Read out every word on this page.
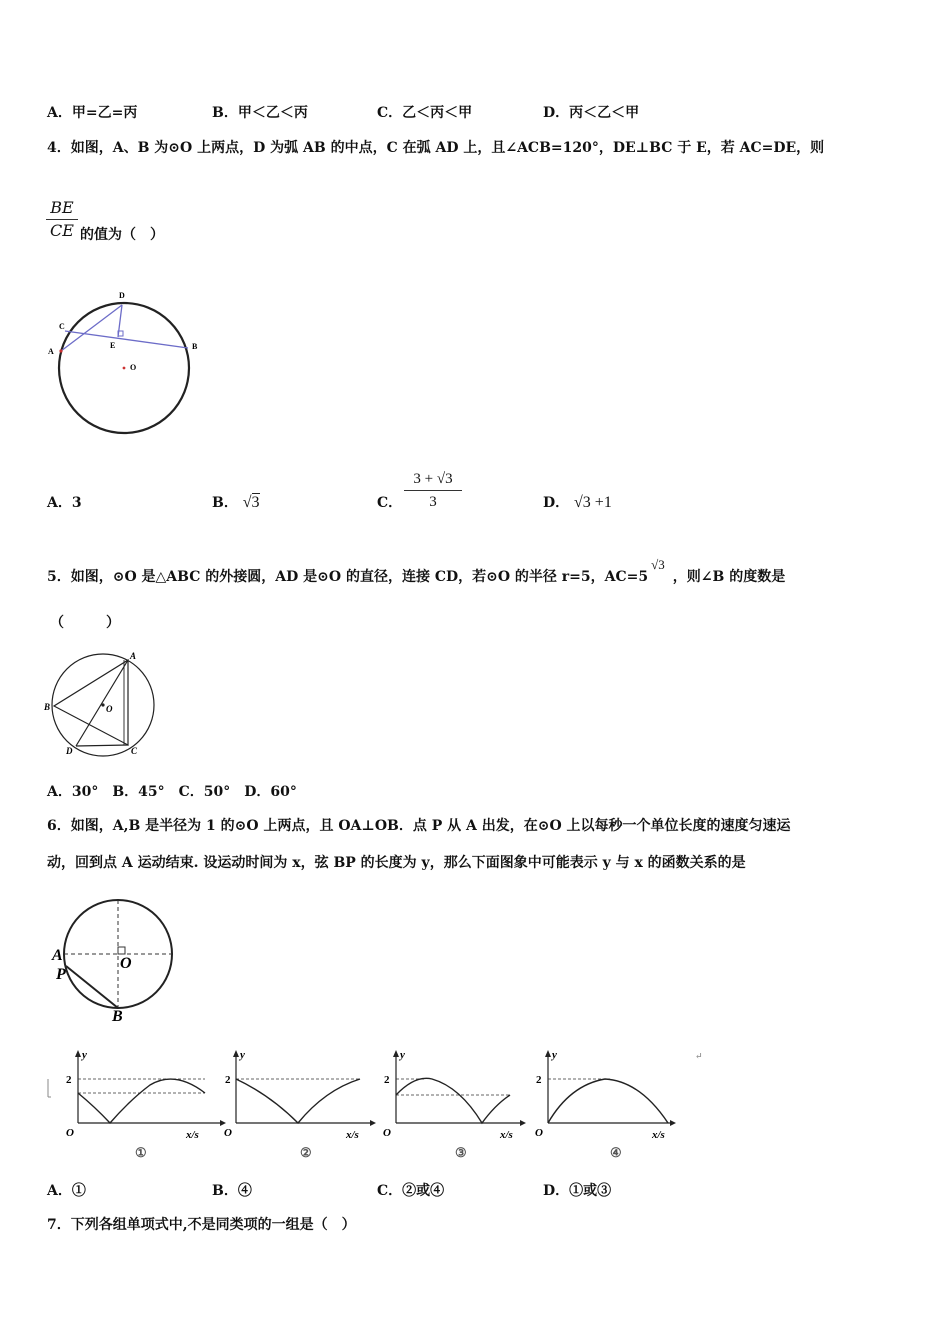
A．甲=乙=丙	B．甲＜乙＜丙	C．乙＜丙＜甲	D．丙＜乙＜甲
4．如图，A、B 为⊙O 上两点，D 为弧 AB 的中点，C 在弧 AD 上，且∠ACB=120°，DE⊥BC 于 E，若 AC=DE，则
BE
CE 的值为（　）
D
C
A
E	B
O
A．3	B． √3	C．
3 + √3
3	D． √3 +1
5．如图，⊙O 是△ABC 的外接圆，AD 是⊙O 的直径，连接 CD，若⊙O 的半径 r=5，AC=5√3，则∠B 的度数是
（　　　）
A
B
C
D
O
A．30°　B．45°　C．50°　D．60°
6．如图，A,B 是半径为 1 的⊙O 上两点，且 OA⊥OB．点 P 从 A 出发，在⊙O 上以每秒一个单位长度的速度匀速运
动，回到点 A 运动结束. 设运动时间为 x，弦 BP 的长度为 y，那么下面图象中可能表示 y 与 x 的函数关系的是
A
P
O
B
y
2
O	x/s
①
y
2
O	x/s
②
y
2
O	x/s
③
y
2
O	x/s
④
↵
A．①	B．④	C．②或④	D．①或③
7．下列各组单项式中,不是同类项的一组是（　）
